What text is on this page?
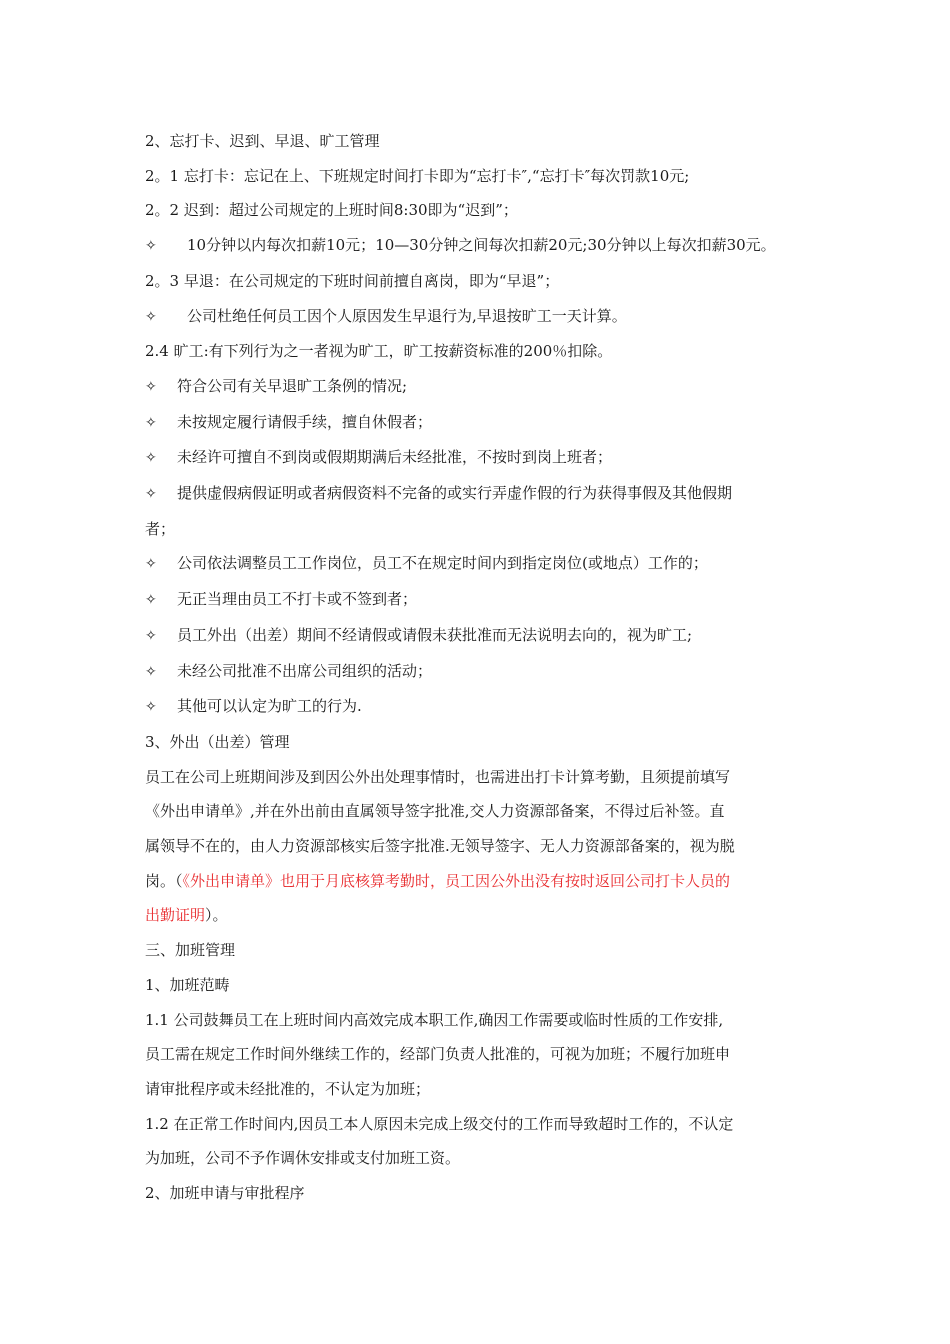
2、忘打卡、迟到、早退、旷工管理
2。1 忘打卡：忘记在上、下班规定时间打卡即为“忘打卡″,“忘打卡″每次罚款10元;
2。2 迟到：超过公司规定的上班时间8:30即为“迟到”；
✧ 10分钟以内每次扣薪10元；10—30分钟之间每次扣薪20元;30分钟以上每次扣薪30元。
2。3 早退：在公司规定的下班时间前擅自离岗，即为“早退”；
✧ 公司杜绝任何员工因个人原因发生早退行为,早退按旷工一天计算。
2.4 旷工:有下列行为之一者视为旷工，旷工按薪资标准的200％扣除。
✧ 符合公司有关早退旷工条例的情况;
✧ 未按规定履行请假手续，擅自休假者；
✧ 未经许可擅自不到岗或假期期满后未经批准，不按时到岗上班者；
✧ 提供虚假病假证明或者病假资料不完备的或实行弄虚作假的行为获得事假及其他假期
者；
✧ 公司依法调整员工工作岗位，员工不在规定时间内到指定岗位(或地点）工作的；
✧ 无正当理由员工不打卡或不签到者；
✧ 员工外出（出差）期间不经请假或请假未获批准而无法说明去向的，视为旷工;
✧ 未经公司批准不出席公司组织的活动；
✧ 其他可以认定为旷工的行为.
3、外出（出差）管理
员工在公司上班期间涉及到因公外出处理事情时，也需进出打卡计算考勤，且须提前填写
《外出申请单》,并在外出前由直属领导签字批准,交人力资源部备案，不得过后补签。直
属领导不在的，由人力资源部核实后签字批准.无领导签字、无人力资源部备案的，视为脱
岗。（《外出申请单》也用于月底核算考勤时，员工因公外出没有按时返回公司打卡人员的
出勤证明）。
三、加班管理
1、加班范畴
1.1 公司鼓舞员工在上班时间内高效完成本职工作,确因工作需要或临时性质的工作安排,
员工需在规定工作时间外继续工作的，经部门负责人批准的，可视为加班；不履行加班申
请审批程序或未经批准的，不认定为加班；
1.2 在正常工作时间内,因员工本人原因未完成上级交付的工作而导致超时工作的，不认定
为加班，公司不予作调休安排或支付加班工资。
2、加班申请与审批程序
